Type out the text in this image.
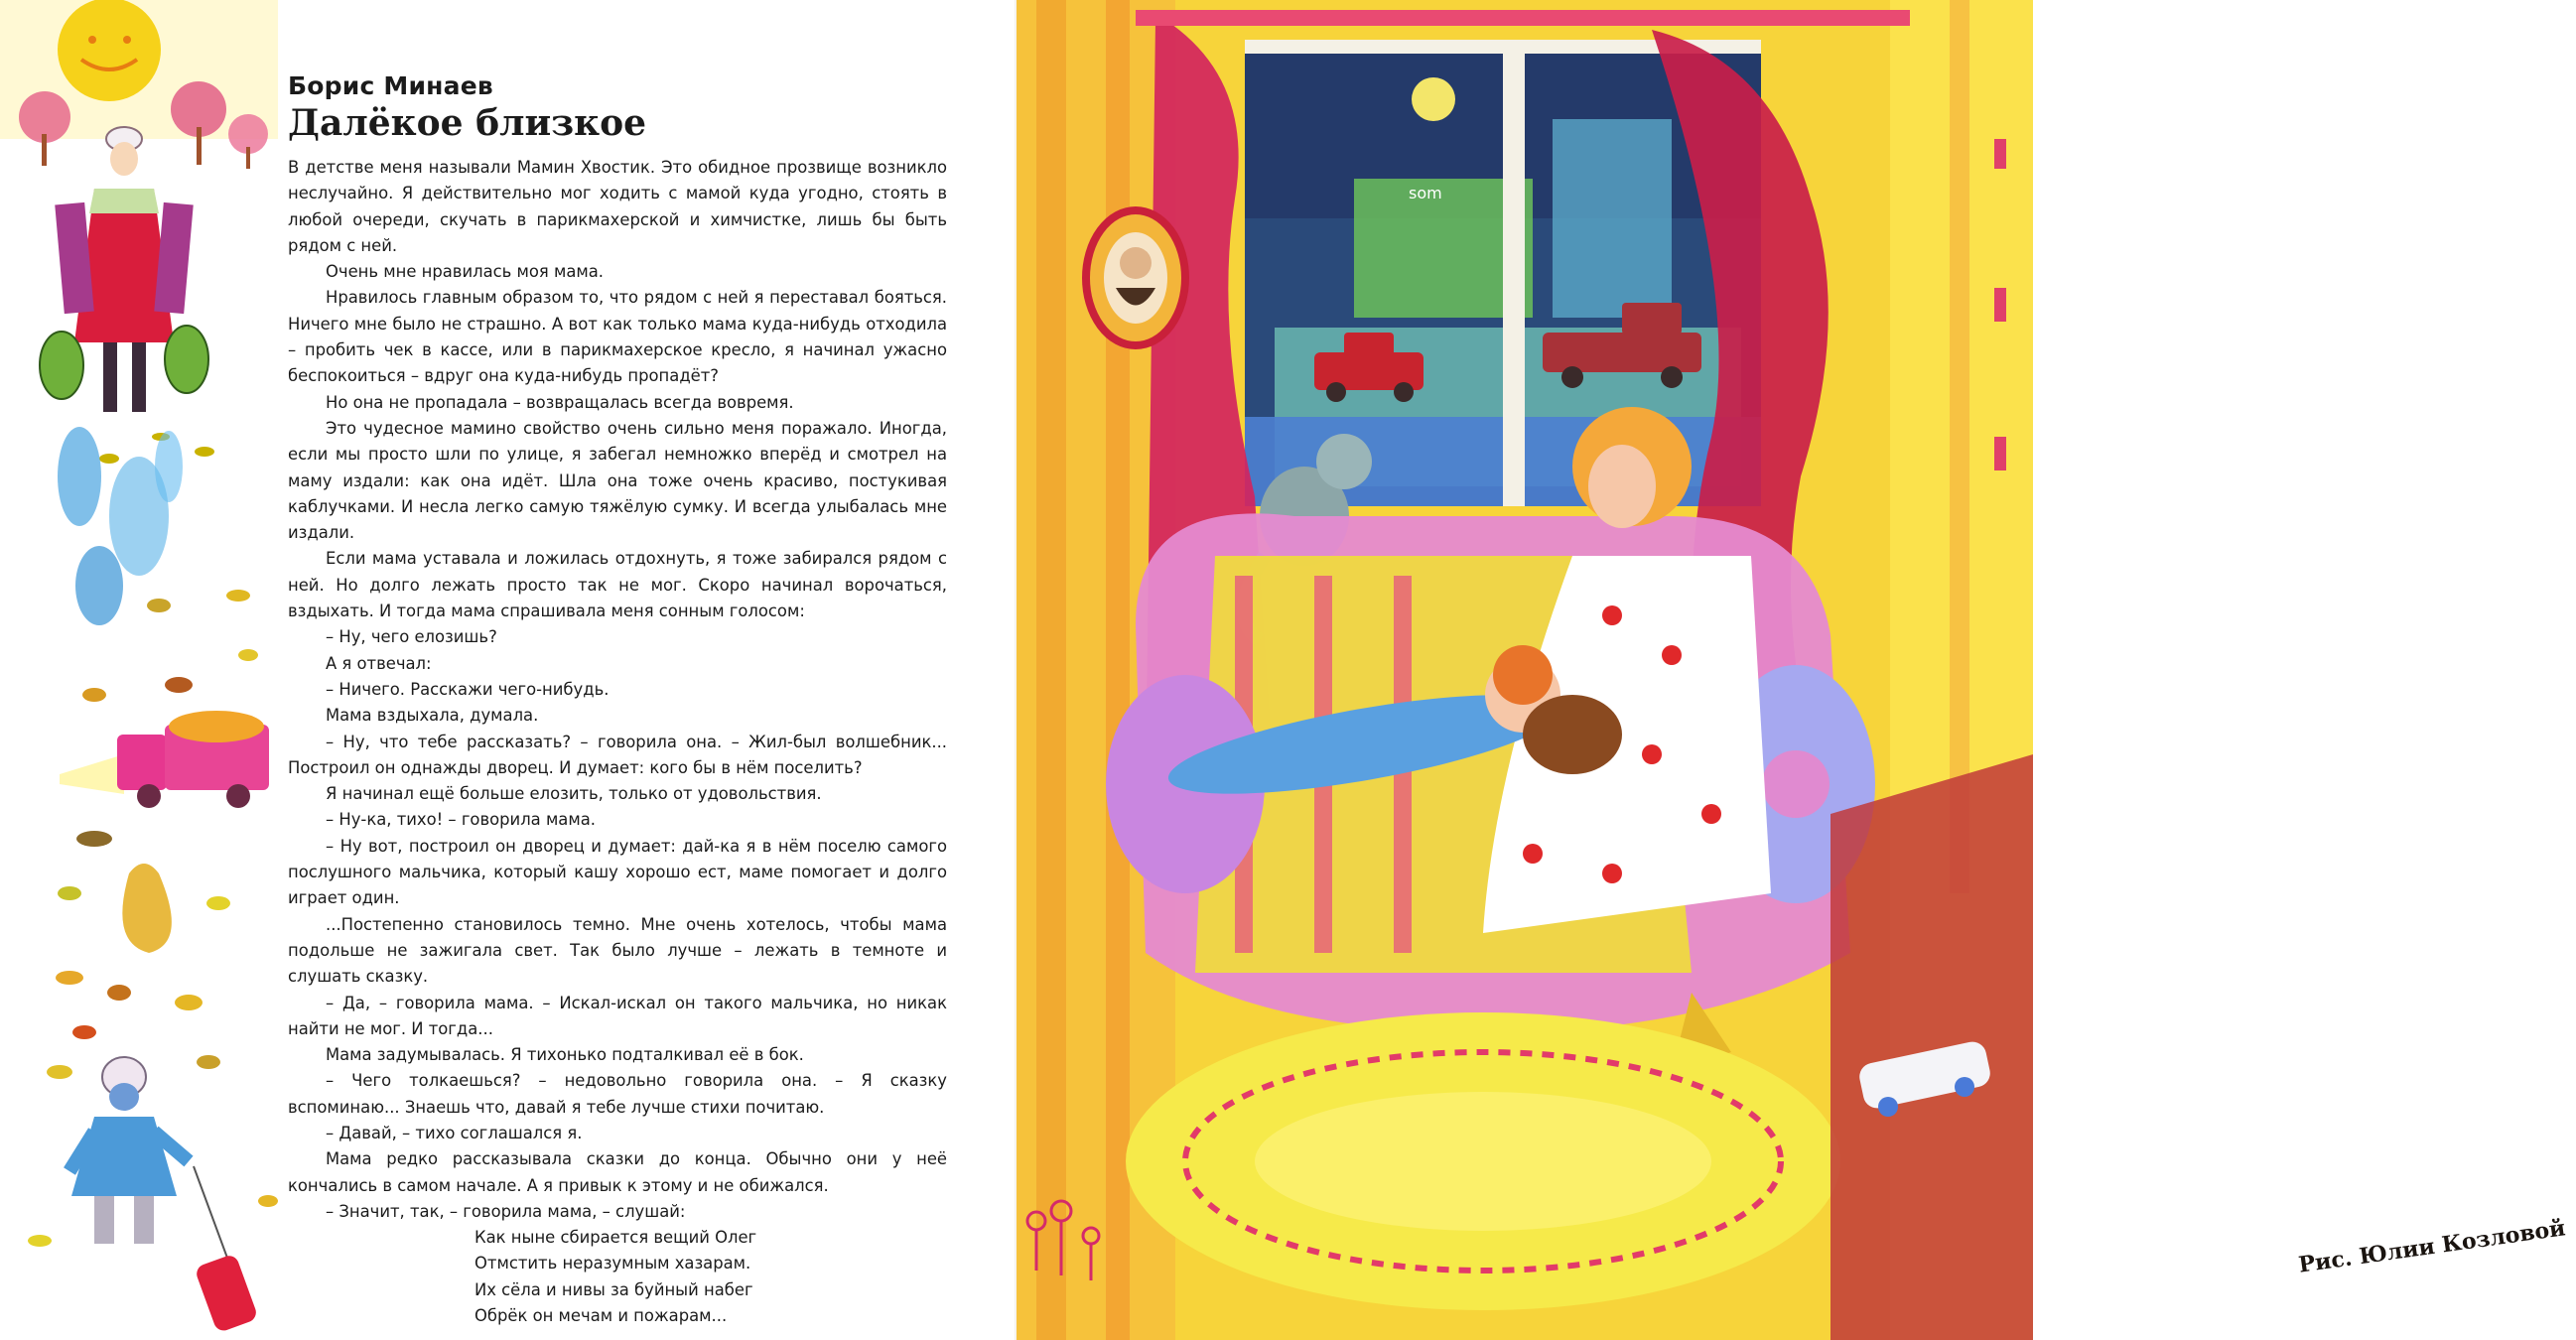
Борис Минаев
Далёкое близкое

В детстве меня называли Мамин Хвостик. Это обидное прозвище возникло неслучайно. Я действительно мог ходить с мамой куда угодно, стоять в любой очереди, скучать в парикмахерской и химчистке, лишь бы быть рядом с ней.

Очень мне нравилась моя мама.

Нравилось главным образом то, что рядом с ней я переставал бояться. Ничего мне было не страшно. А вот как только мама куда-нибудь отходила – пробить чек в кассе, или в парикмахерское кресло, я начинал ужасно беспокоиться – вдруг она куда-нибудь пропадёт?

Но она не пропадала – возвращалась всегда вовремя.

Это чудесное мамино свойство очень сильно меня поражало. Иногда, если мы просто шли по улице, я забегал немножко вперёд и смотрел на маму издали: как она идёт. Шла она тоже очень красиво, постукивая каблучками. И несла легко самую тяжёлую сумку. И всегда улыбалась мне издали.

Если мама уставала и ложилась отдохнуть, я тоже забирался рядом с ней. Но долго лежать просто так не мог. Скоро начинал ворочаться, вздыхать. И тогда мама спрашивала меня сонным голосом:

– Ну, чего елозишь?

А я отвечал:

– Ничего. Расскажи чего-нибудь.

Мама вздыхала, думала.

– Ну, что тебе рассказать? – говорила она. – Жил-был волшебник... Построил он однажды дворец. И думает: кого бы в нём поселить?

Я начинал ещё больше елозить, только от удовольствия.

– Ну-ка, тихо! – говорила мама.

– Ну вот, построил он дворец и думает: дай-ка я в нём поселю самого послушного мальчика, который кашу хорошо ест, маме помогает и долго играет один.

...Постепенно становилось темно. Мне очень хотелось, чтобы мама подольше не зажигала свет. Так было лучше – лежать в темноте и слушать сказку.

– Да, – говорила мама. – Искал-искал он такого мальчика, но никак найти не мог. И тогда...

Мама задумывалась. Я тихонько подталкивал её в бок.

– Чего толкаешься? – недовольно говорила она. – Я сказку вспоминаю... Знаешь что, давай я тебе лучше стихи почитаю.

– Давай, – тихо соглашался я.

Мама редко рассказывала сказки до конца. Обычно они у неё кончались в самом начале. А я привык к этому и не обижался.

– Значит, так, – говорила мама, – слушай:

Как ныне сбирается вещий Олег

Отмстить неразумным хазарам.

Их сёла и нивы за буйный набег

Обрёк он мечам и пожарам...

som
Рис. Юлии Козловой
